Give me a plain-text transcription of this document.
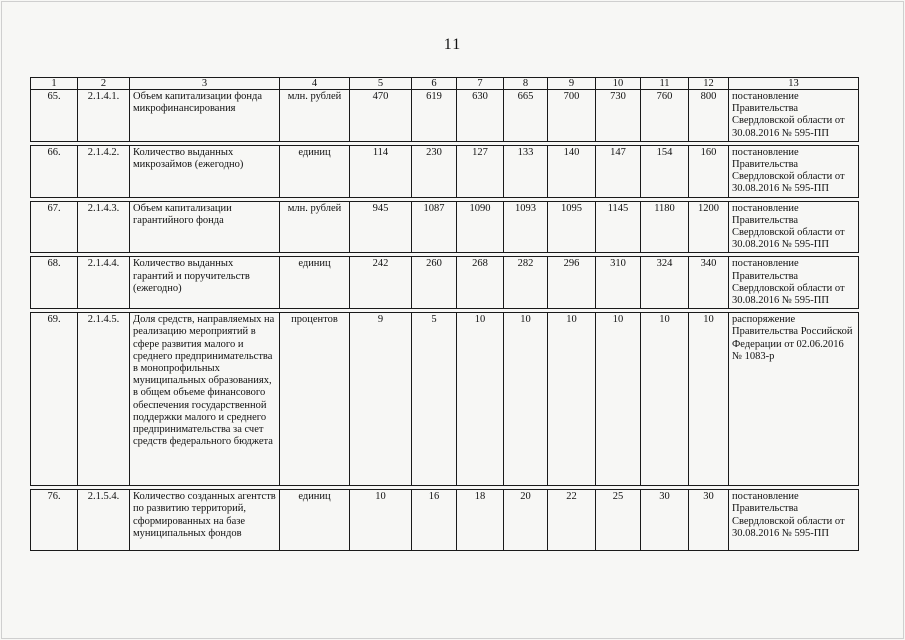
11
1	2	3	4	5	6	7	8	9	10	11	12	13
65.	2.1.4.1.	Объем капитализации фонда микрофинансирования	млн. рублей	470	619	630	665	700	730	760	800	постановление Правительства Свердловской области от 30.08.2016 № 595-ПП

66.	2.1.4.2.	Количество выданных микрозаймов (ежегодно)	единиц	114	230	127	133	140	147	154	160	постановление Правительства Свердловской области от 30.08.2016 № 595-ПП

67.	2.1.4.3.	Объем капитализации гарантийного фонда	млн. рублей	945	1087	1090	1093	1095	1145	1180	1200	постановление Правительства Свердловской области от 30.08.2016 № 595-ПП

68.	2.1.4.4.	Количество выданных гарантий и поручительств (ежегодно)	единиц	242	260	268	282	296	310	324	340	постановление Правительства Свердловской области от 30.08.2016 № 595-ПП

69.	2.1.4.5.	Доля средств, направляемых на реализацию мероприятий в сфере развития малого и среднего предпринимательства в монопрофильных муниципальных образованиях, в общем объеме финансового обеспечения государственной поддержки малого и среднего предпринимательства за счет средств федерального бюджета	процентов	9	5	10	10	10	10	10	10	распоряжение Правительства Российской Федерации от 02.06.2016 № 1083-р

76.	2.1.5.4.	Количество созданных агентств по развитию территорий, сформированных на базе муниципальных фондов	единиц	10	16	18	20	22	25	30	30	постановление Правительства Свердловской области от 30.08.2016 № 595-ПП
